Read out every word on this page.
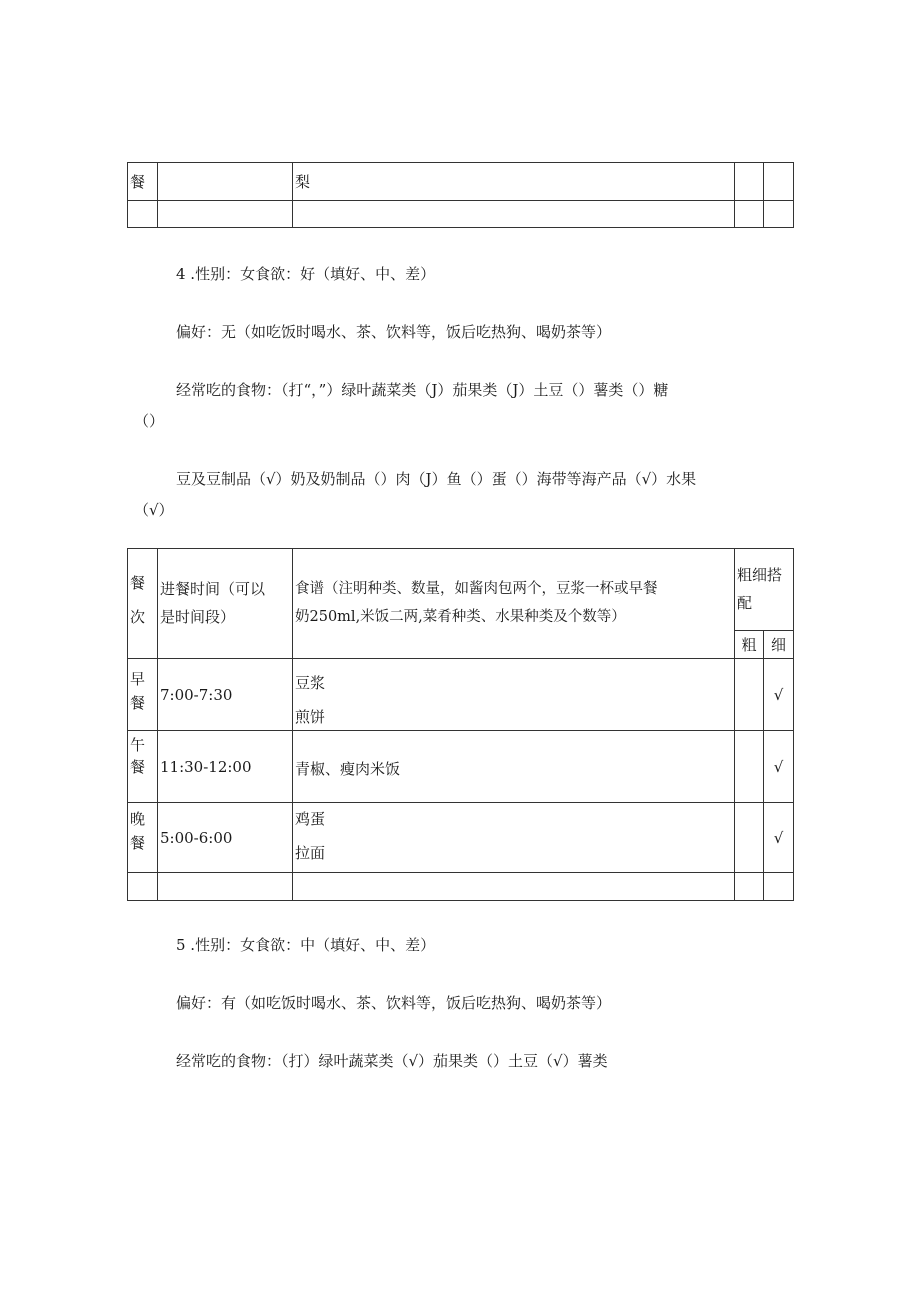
餐		梨		

4 .性别：女食欲：好（填好、中、差）

偏好：无（如吃饭时喝水、茶、饮料等，饭后吃热狗、喝奶茶等）

经常吃的食物：（打“，”）绿叶蔬菜类（J）茄果类（J）土豆（）薯类（）糖

（）

豆及豆制品（√）奶及奶制品（）肉（J）鱼（）蛋（）海带等海产品（√）水果

（√）

餐
次	进餐时间（可以
是时间段）	食谱（注明种类、数量，如酱肉包两个，豆浆一杯或早餐
奶250ml,米饭二两,菜肴种类、水果种类及个数等）	粗细搭
配	

			粗	细

早
餐	7:00-7:30	豆浆
煎饼		√

午
餐	11:30-12:00	青椒、瘦肉米饭		√

晚
餐	5:00-6:00	鸡蛋
拉面		√

5 .性别：女食欲：中（填好、中、差）

偏好：有（如吃饭时喝水、茶、饮料等，饭后吃热狗、喝奶茶等）

经常吃的食物：（打）绿叶蔬菜类（√）茄果类（）土豆（√）薯类
